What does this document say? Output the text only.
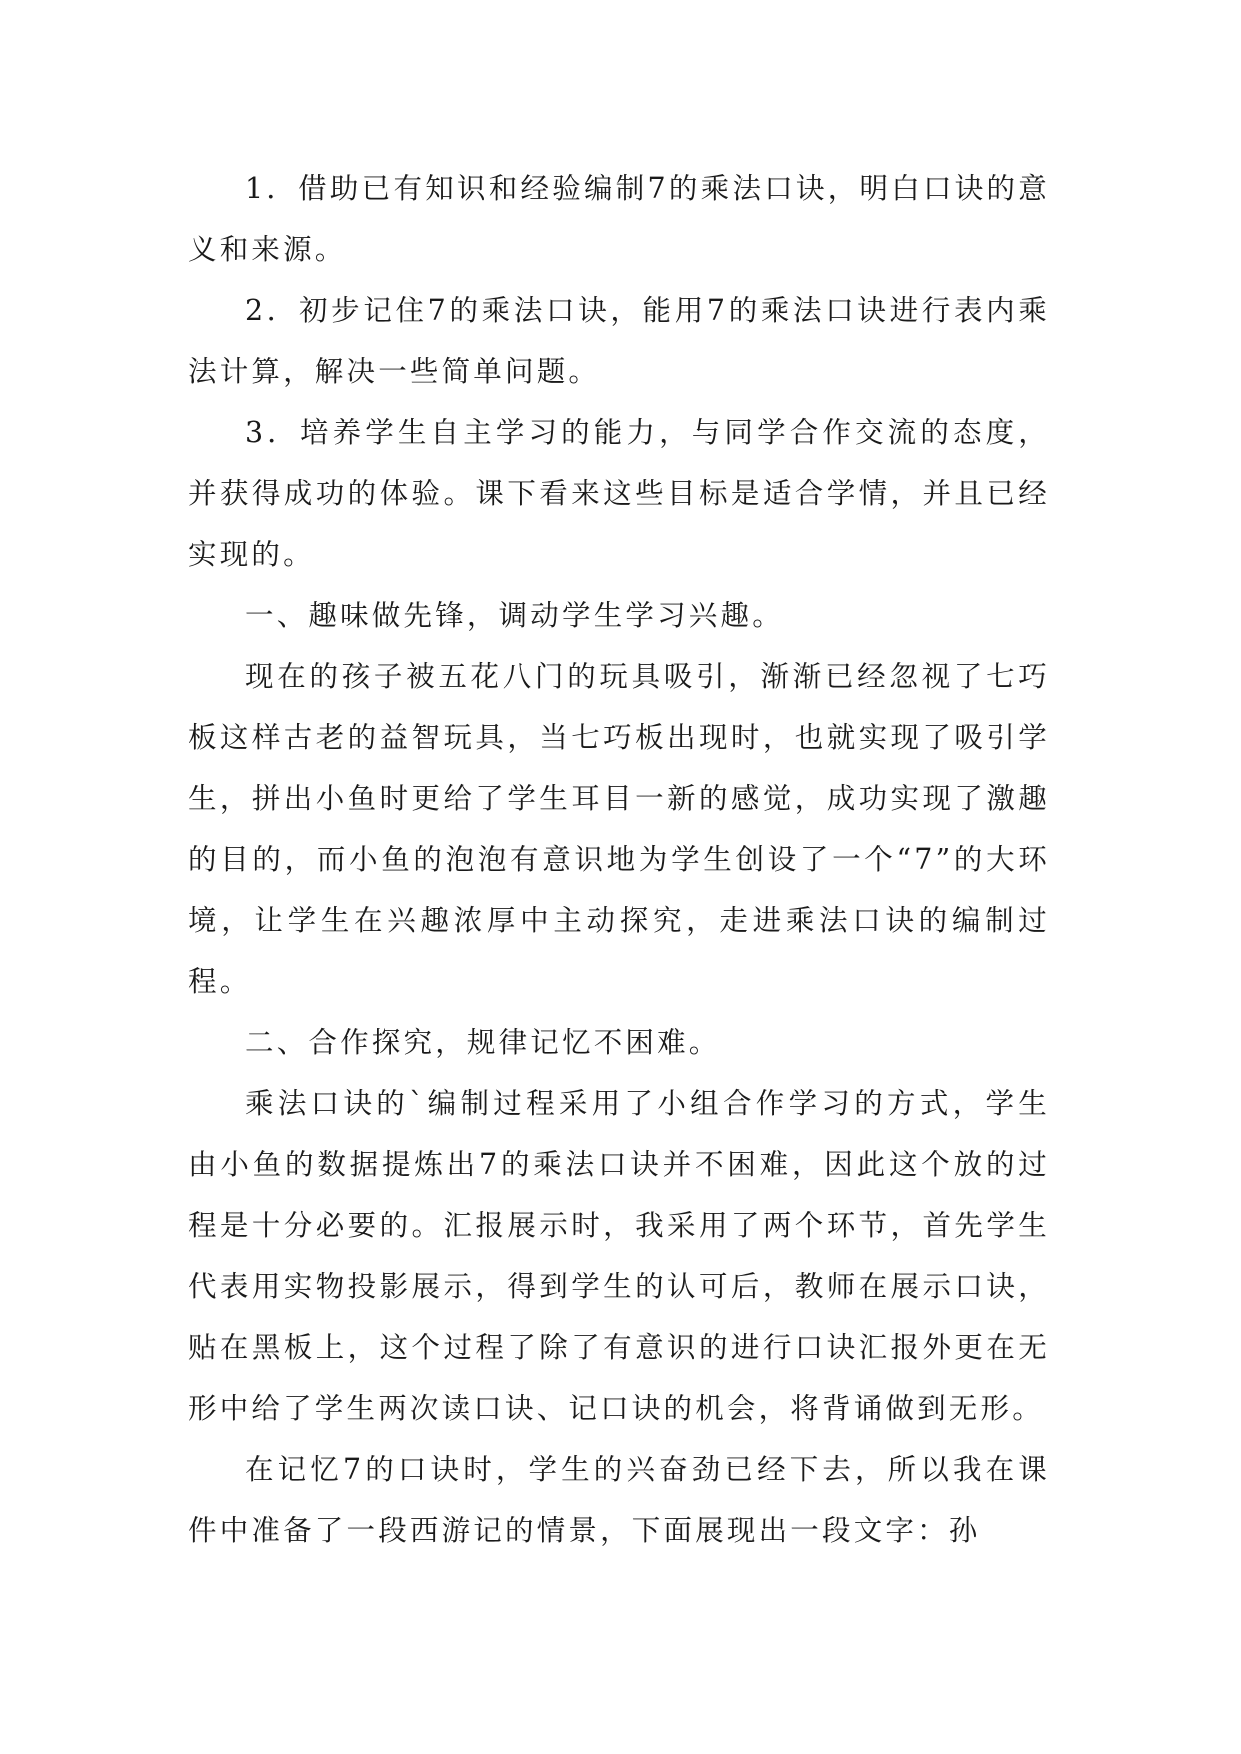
1．借助已有知识和经验编制7的乘法口诀，明白口诀的意义和来源。

2．初步记住7的乘法口诀，能用7的乘法口诀进行表内乘法计算，解决一些简单问题。

3．培养学生自主学习的能力，与同学合作交流的态度，并获得成功的体验。课下看来这些目标是适合学情，并且已经实现的。

一、趣味做先锋，调动学生学习兴趣。

现在的孩子被五花八门的玩具吸引，渐渐已经忽视了七巧板这样古老的益智玩具，当七巧板出现时，也就实现了吸引学生，拼出小鱼时更给了学生耳目一新的感觉，成功实现了激趣的目的，而小鱼的泡泡有意识地为学生创设了一个“7”的大环境，让学生在兴趣浓厚中主动探究，走进乘法口诀的编制过程。

二、合作探究，规律记忆不困难。

乘法口诀的`编制过程采用了小组合作学习的方式，学生由小鱼的数据提炼出7的乘法口诀并不困难，因此这个放的过程是十分必要的。汇报展示时，我采用了两个环节，首先学生代表用实物投影展示，得到学生的认可后，教师在展示口诀，贴在黑板上，这个过程了除了有意识的进行口诀汇报外更在无形中给了学生两次读口诀、记口诀的机会，将背诵做到无形。

在记忆7的口诀时，学生的兴奋劲已经下去，所以我在课件中准备了一段西游记的情景，下面展现出一段文字：孙
